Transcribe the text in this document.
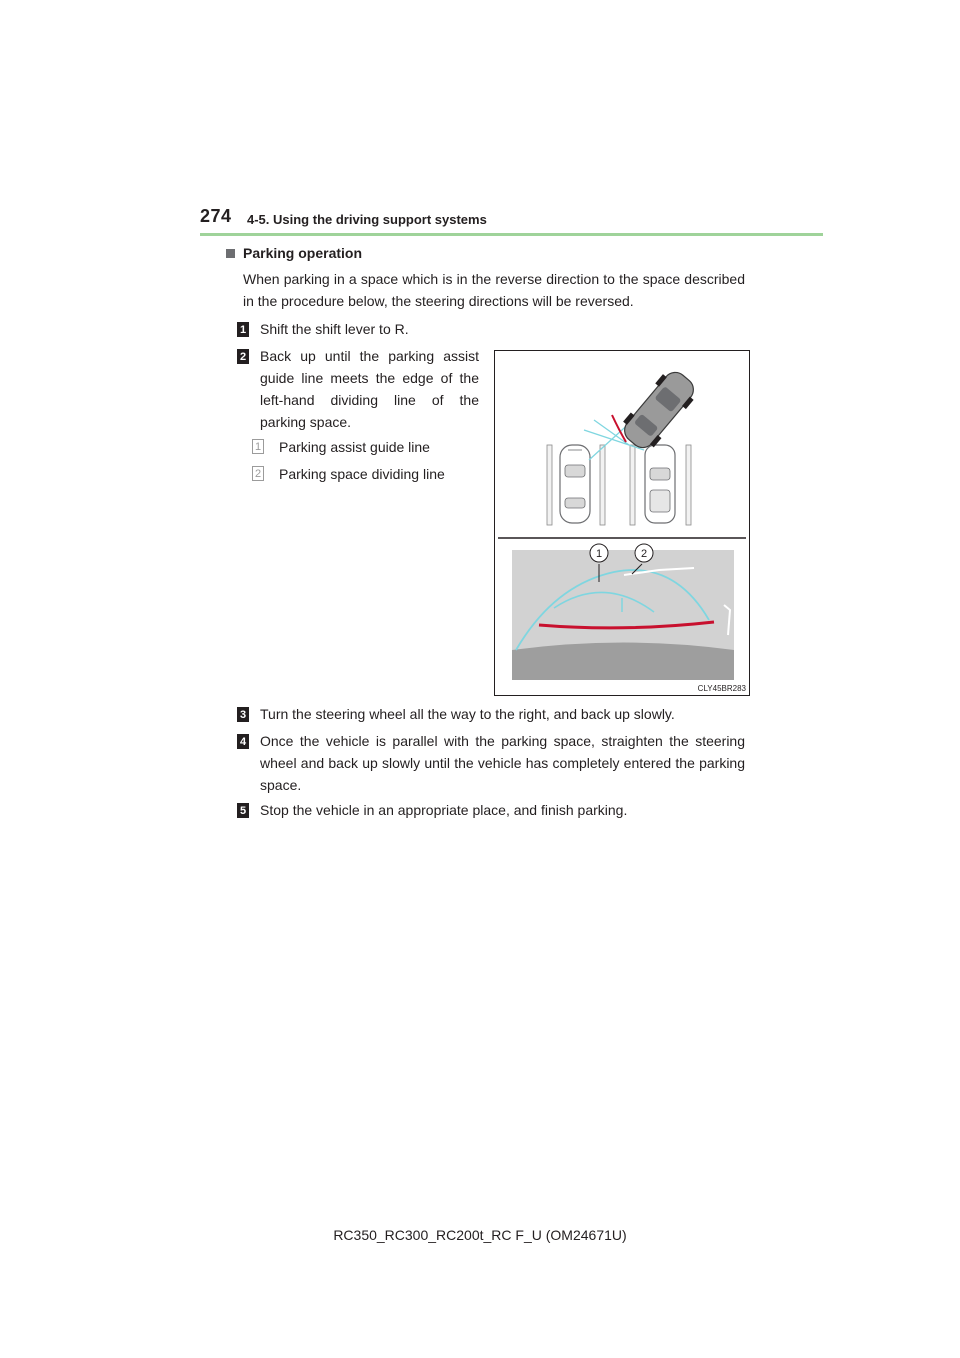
274 4-5. Using the driving support systems
Parking operation
When parking in a space which is in the reverse direction to the space described in the procedure below, the steering directions will be reversed.
1 Shift the shift lever to R.
2 Back up until the parking assist guide line meets the edge of the left-hand dividing line of the parking space.
1 Parking assist guide line
2 Parking space dividing line
1	2
CLY45BR283
3 Turn the steering wheel all the way to the right, and back up slowly.
4 Once the vehicle is parallel with the parking space, straighten the steering wheel and back up slowly until the vehicle has completely entered the parking space.
5 Stop the vehicle in an appropriate place, and finish parking.
RC350_RC300_RC200t_RC F_U (OM24671U)
